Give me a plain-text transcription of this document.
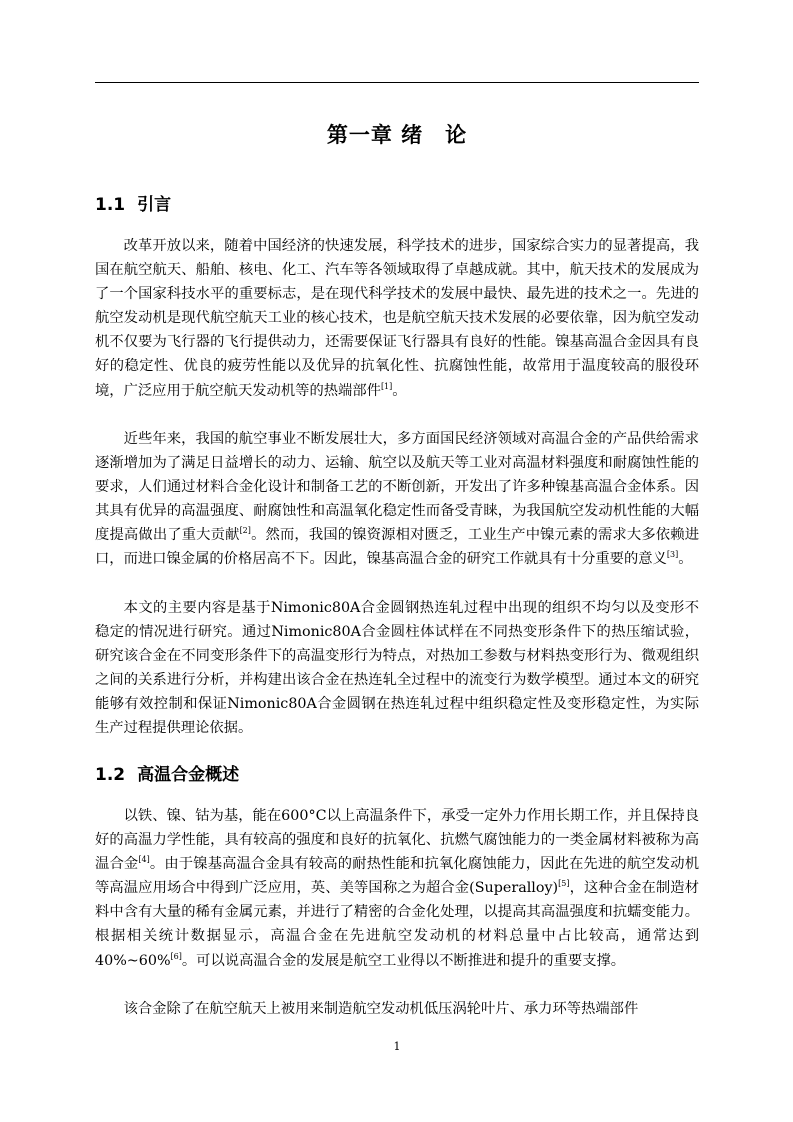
第一章 绪　论
1.1 引言

改革开放以来，随着中国经济的快速发展，科学技术的进步，国家综合实力的显著提高，我国在航空航天、船舶、核电、化工、汽车等各领域取得了卓越成就。其中，航天技术的发展成为了一个国家科技水平的重要标志，是在现代科学技术的发展中最快、最先进的技术之一。先进的航空发动机是现代航空航天工业的核心技术，也是航空航天技术发展的必要依靠，因为航空发动机不仅要为飞行器的飞行提供动力，还需要保证飞行器具有良好的性能。镍基高温合金因具有良好的稳定性、优良的疲劳性能以及优异的抗氧化性、抗腐蚀性能，故常用于温度较高的服役环境，广泛应用于航空航天发动机等的热端部件[1]。

近些年来，我国的航空事业不断发展壮大，多方面国民经济领域对高温合金的产品供给需求逐渐增加为了满足日益增长的动力、运输、航空以及航天等工业对高温材料强度和耐腐蚀性能的要求，人们通过材料合金化设计和制备工艺的不断创新，开发出了许多种镍基高温合金体系。因其具有优异的高温强度、耐腐蚀性和高温氧化稳定性而备受青睐，为我国航空发动机性能的大幅度提高做出了重大贡献[2]。然而，我国的镍资源相对匮乏，工业生产中镍元素的需求大多依赖进口，而进口镍金属的价格居高不下。因此，镍基高温合金的研究工作就具有十分重要的意义[3]。

本文的主要内容是基于Nimonic80A合金圆钢热连轧过程中出现的组织不均匀以及变形不稳定的情况进行研究。通过Nimonic80A合金圆柱体试样在不同热变形条件下的热压缩试验，研究该合金在不同变形条件下的高温变形行为特点，对热加工参数与材料热变形行为、微观组织之间的关系进行分析，并构建出该合金在热连轧全过程中的流变行为数学模型。通过本文的研究能够有效控制和保证Nimonic80A合金圆钢在热连轧过程中组织稳定性及变形稳定性，为实际生产过程提供理论依据。

1.2 高温合金概述

以铁、镍、钴为基，能在600°C以上高温条件下，承受一定外力作用长期工作，并且保持良好的高温力学性能，具有较高的强度和良好的抗氧化、抗燃气腐蚀能力的一类金属材料被称为高温合金[4]。由于镍基高温合金具有较高的耐热性能和抗氧化腐蚀能力，因此在先进的航空发动机等高温应用场合中得到广泛应用，英、美等国称之为超合金(Superalloy)[5]，这种合金在制造材料中含有大量的稀有金属元素，并进行了精密的合金化处理，以提高其高温强度和抗蠕变能力。根据相关统计数据显示，高温合金在先进航空发动机的材料总量中占比较高，通常达到40%~60%[6]。可以说高温合金的发展是航空工业得以不断推进和提升的重要支撑。

该合金除了在航空航天上被用来制造航空发动机低压涡轮叶片、承力环等热端部件

1
